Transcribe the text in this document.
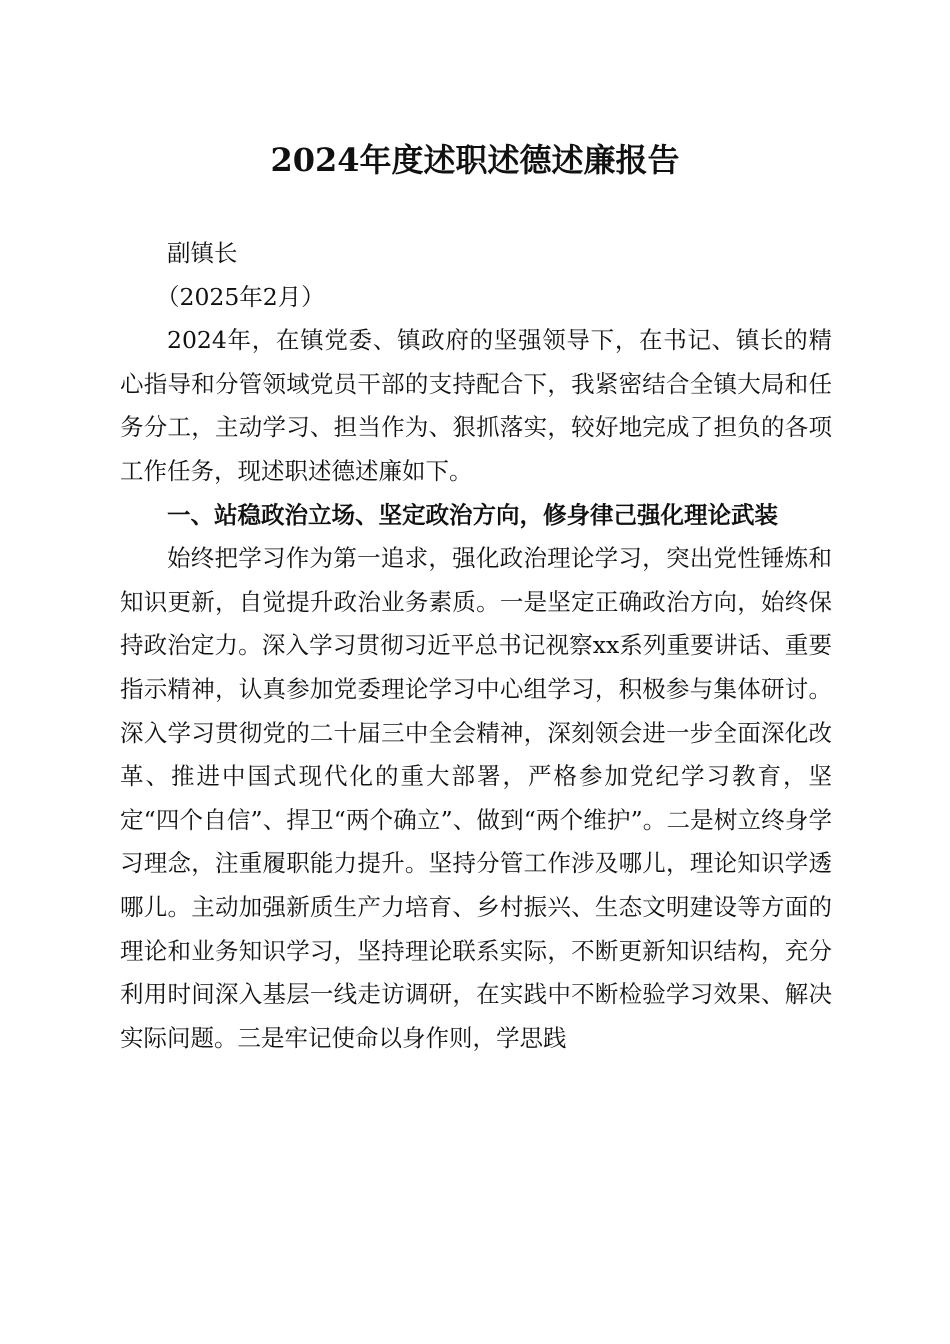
2024年度述职述德述廉报告

副镇长

（2025年2月）

2024年，在镇党委、镇政府的坚强领导下，在书记、镇长的精心指导和分管领域党员干部的支持配合下，我紧密结合全镇大局和任务分工，主动学习、担当作为、狠抓落实，较好地完成了担负的各项工作任务，现述职述德述廉如下。

一、站稳政治立场、坚定政治方向，修身律己强化理论武装

始终把学习作为第一追求，强化政治理论学习，突出党性锤炼和知识更新，自觉提升政治业务素质。一是坚定正确政治方向，始终保持政治定力。深入学习贯彻习近平总书记视察xx系列重要讲话、重要指示精神，认真参加党委理论学习中心组学习，积极参与集体研讨。深入学习贯彻党的二十届三中全会精神，深刻领会进一步全面深化改革、推进中国式现代化的重大部署，严格参加党纪学习教育，坚定“四个自信”、捍卫“两个确立”、做到“两个维护”。二是树立终身学习理念，注重履职能力提升。坚持分管工作涉及哪儿，理论知识学透哪儿。主动加强新质生产力培育、乡村振兴、生态文明建设等方面的理论和业务知识学习，坚持理论联系实际，不断更新知识结构，充分利用时间深入基层一线走访调研，在实践中不断检验学习效果、解决实际问题。三是牢记使命以身作则，学思践
